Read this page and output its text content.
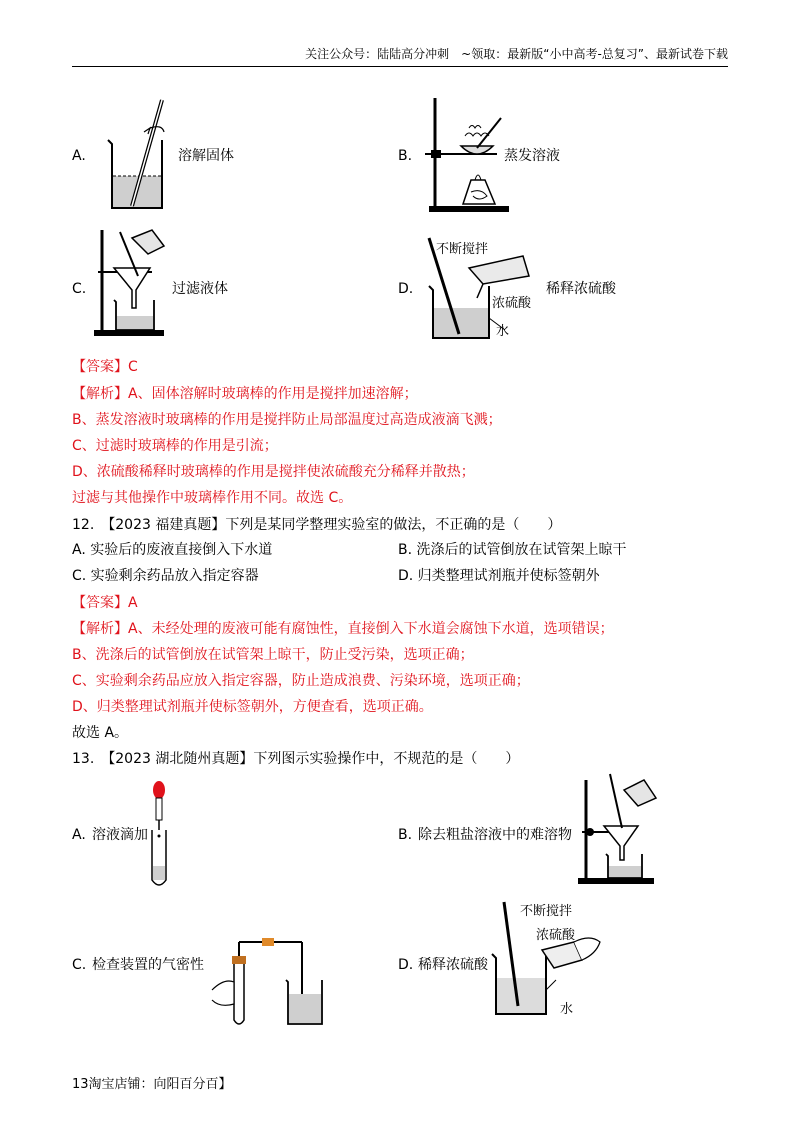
关注公众号：陆陆高分冲刺　~领取：最新版“小中高考-总复习”、最新试卷下载
A.	溶解固体	B.	蒸发溶液
C.	过滤液体	D.
不断搅拌
浓硫酸
水
稀释浓硫酸
【答案】C
【解析】A、固体溶解时玻璃棒的作用是搅拌加速溶解；
B、蒸发溶液时玻璃棒的作用是搅拌防止局部温度过高造成液滴飞溅；
C、过滤时玻璃棒的作用是引流；
D、浓硫酸稀释时玻璃棒的作用是搅拌使浓硫酸充分稀释并散热；
过滤与其他操作中玻璃棒作用不同。故选 C。
12.　【2023 福建真题】下列是某同学整理实验室的做法，不正确的是（　　）
A. 实验后的废液直接倒入下水道	B. 洗涤后的试管倒放在试管架上晾干
C. 实验剩余药品放入指定容器	D. 归类整理试剂瓶并使标签朝外
【答案】A
【解析】A、未经处理的废液可能有腐蚀性，直接倒入下水道会腐蚀下水道，选项错误；
B、洗涤后的试管倒放在试管架上晾干，防止受污染，选项正确；
C、实验剩余药品应放入指定容器，防止造成浪费、污染环境，选项正确；
D、归类整理试剂瓶并使标签朝外，方便查看，选项正确。
故选 A。
13.　【2023 湖北随州真题】下列图示实验操作中，不规范的是（　　）
A. 溶液滴加	B. 除去粗盐溶液中的难溶物
C. 检查装置的气密性	D. 稀释浓硫酸
不断搅拌
浓硫酸
水
13淘宝店铺：向阳百分百】
